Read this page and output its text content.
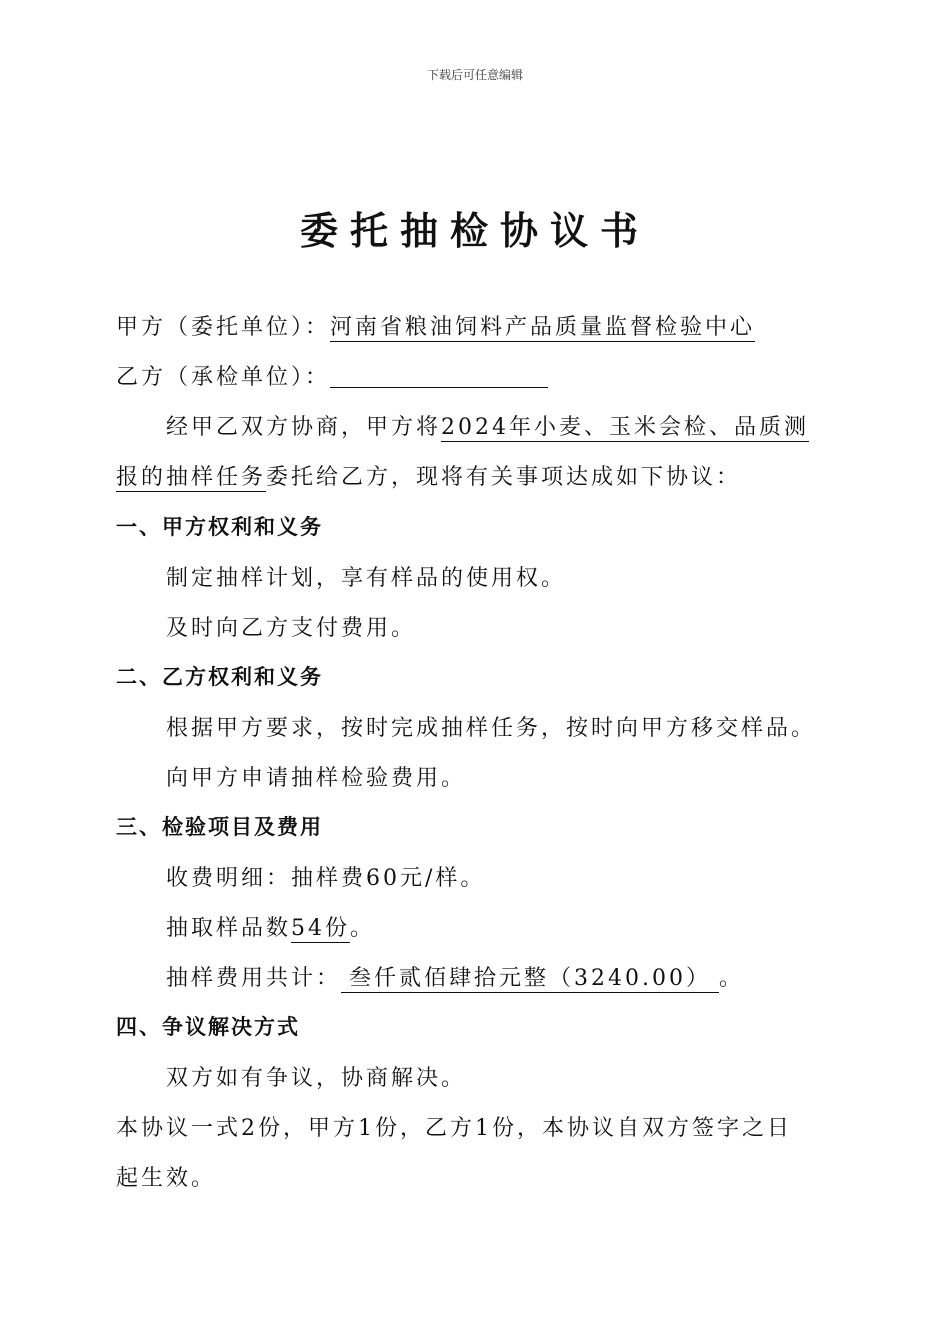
下载后可任意编辑
委托抽检协议书
甲方（委托单位）：河南省粮油饲料产品质量监督检验中心
乙方（承检单位）：
经甲乙双方协商，甲方将2024年小麦、玉米会检、品质测
报的抽样任务委托给乙方，现将有关事项达成如下协议：
一、甲方权利和义务
制定抽样计划，享有样品的使用权。
及时向乙方支付费用。
二、乙方权利和义务
根据甲方要求，按时完成抽样任务，按时向甲方移交样品。
向甲方申请抽样检验费用。
三、检验项目及费用
收费明细：抽样费60元/样。
抽取样品数54份。
抽样费用共计： 叁仟贰佰肆拾元整（3240.00） 。
四、争议解决方式
双方如有争议，协商解决。
本协议一式2份，甲方1份，乙方1份，本协议自双方签字之日
起生效。
